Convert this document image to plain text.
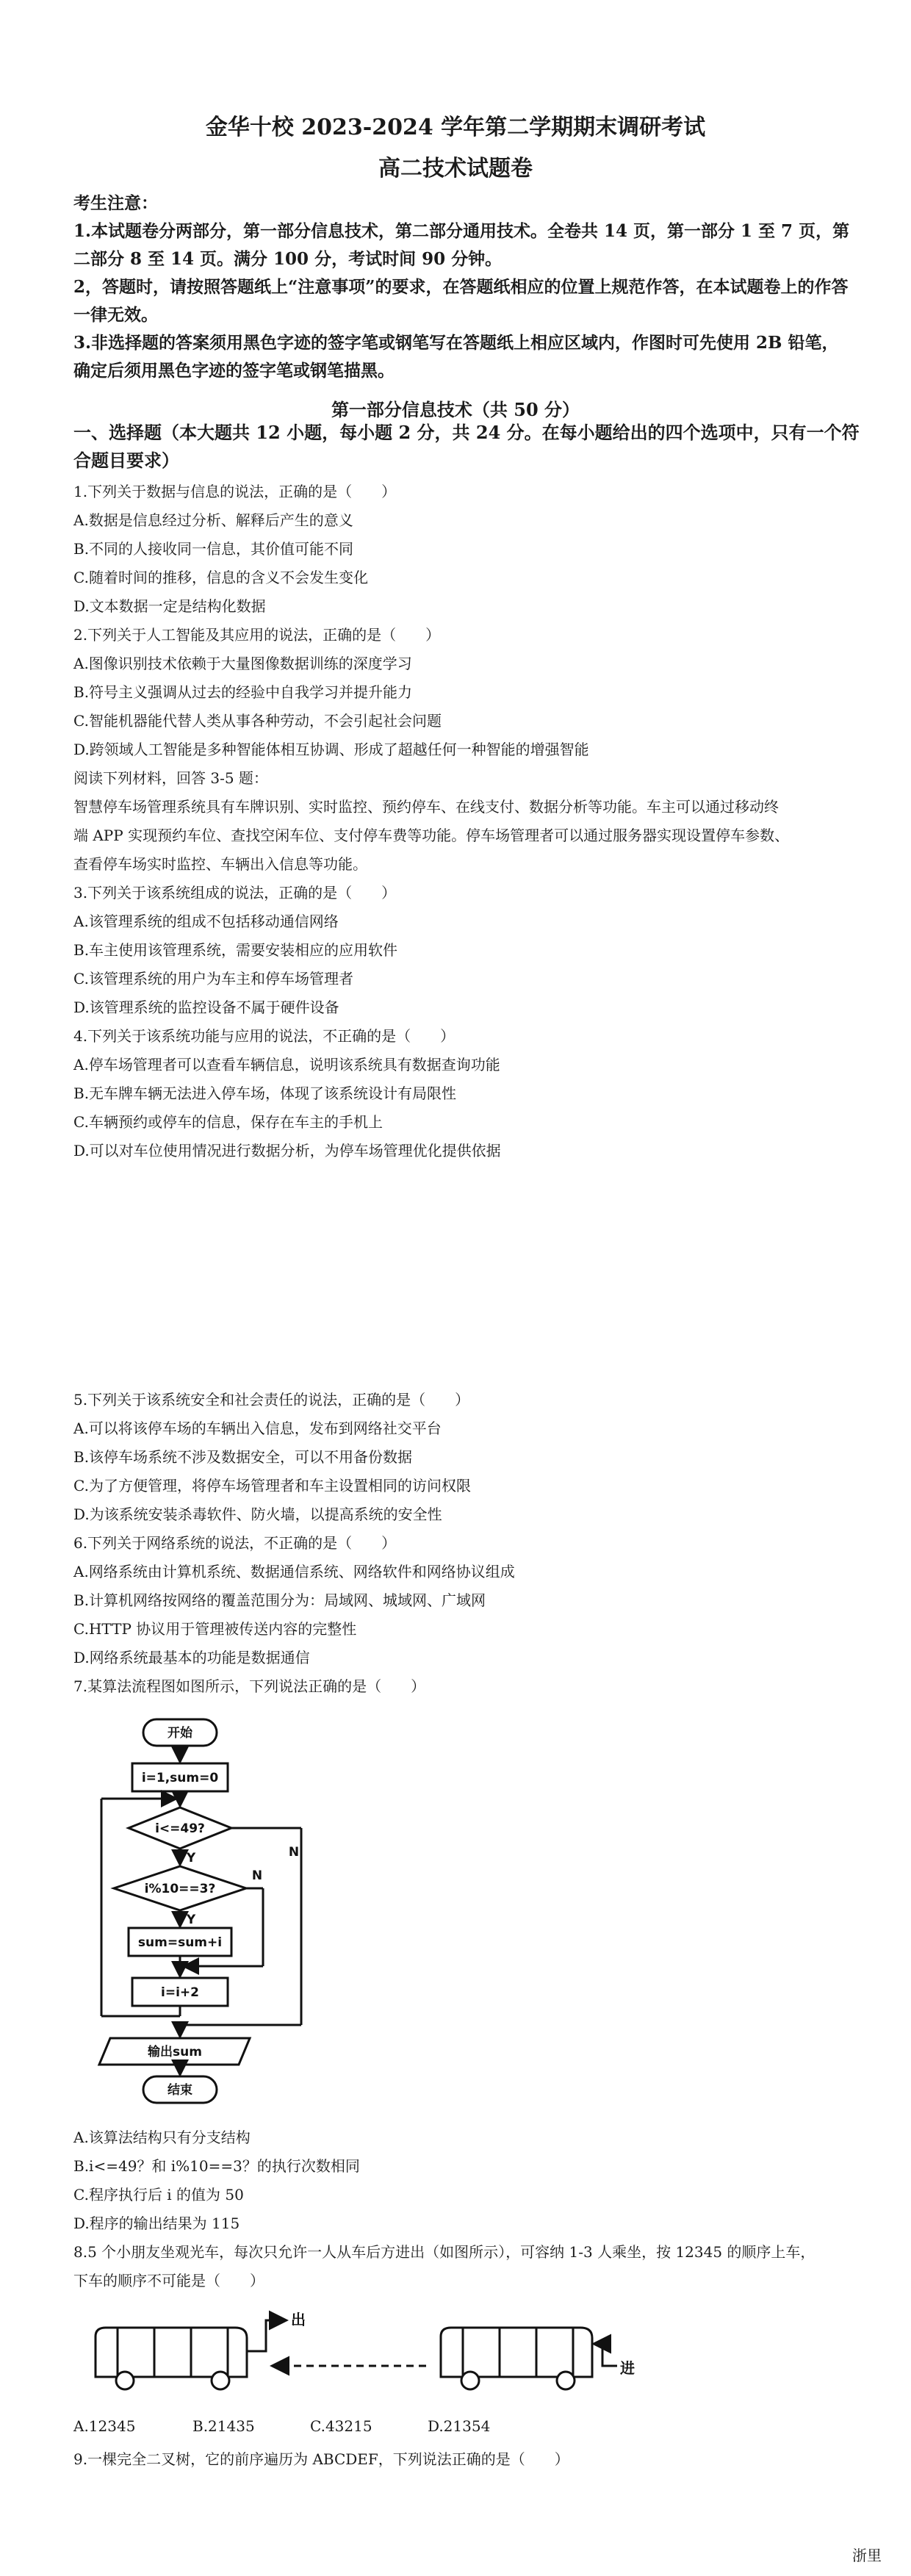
金华十校 2023-2024 学年第二学期期末调研考试
高二技术试题卷
考生注意：
1.本试题卷分两部分，第一部分信息技术，第二部分通用技术。全卷共 14 页，第一部分 1 至 7 页，第二部分 8 至 14 页。满分 100 分，考试时间 90 分钟。
2，答题时，请按照答题纸上“注意事项”的要求，在答题纸相应的位置上规范作答，在本试题卷上的作答一律无效。
3.非选择题的答案须用黑色字迹的签字笔或钢笔写在答题纸上相应区域内，作图时可先使用 2B 铅笔，确定后须用黑色字迹的签字笔或钢笔描黑。
第一部分信息技术（共 50 分）
一、选择题（本大题共 12 小题，每小题 2 分，共 24 分。在每小题给出的四个选项中，只有一个符合题目要求）
1.下列关于数据与信息的说法，正确的是（　　）
A.数据是信息经过分析、解释后产生的意义
B.不同的人接收同一信息，其价值可能不同
C.随着时间的推移，信息的含义不会发生变化
D.文本数据一定是结构化数据
2.下列关于人工智能及其应用的说法，正确的是（　　）
A.图像识别技术依赖于大量图像数据训练的深度学习
B.符号主义强调从过去的经验中自我学习并提升能力
C.智能机器能代替人类从事各种劳动，不会引起社会问题
D.跨领域人工智能是多种智能体相互协调、形成了超越任何一种智能的增强智能
阅读下列材料，回答 3-5 题：
智慧停车场管理系统具有车牌识别、实时监控、预约停车、在线支付、数据分析等功能。车主可以通过移动终
端 APP 实现预约车位、查找空闲车位、支付停车费等功能。停车场管理者可以通过服务器实现设置停车参数、
查看停车场实时监控、车辆出入信息等功能。
3.下列关于该系统组成的说法，正确的是（　　）
A.该管理系统的组成不包括移动通信网络
B.车主使用该管理系统，需要安装相应的应用软件
C.该管理系统的用户为车主和停车场管理者
D.该管理系统的监控设备不属于硬件设备
4.下列关于该系统功能与应用的说法，不正确的是（　　）
A.停车场管理者可以查看车辆信息，说明该系统具有数据查询功能
B.无车牌车辆无法进入停车场，体现了该系统设计有局限性
C.车辆预约或停车的信息，保存在车主的手机上
D.可以对车位使用情况进行数据分析，为停车场管理优化提供依据
5.下列关于该系统安全和社会责任的说法，正确的是（　　）
A.可以将该停车场的车辆出入信息，发布到网络社交平台
B.该停车场系统不涉及数据安全，可以不用备份数据
C.为了方便管理，将停车场管理者和车主设置相同的访问权限
D.为该系统安装杀毒软件、防火墙，以提高系统的安全性
6.下列关于网络系统的说法，不正确的是（　　）
A.网络系统由计算机系统、数据通信系统、网络软件和网络协议组成
B.计算机网络按网络的覆盖范围分为：局域网、城域网、广域网
C.HTTP 协议用于管理被传送内容的完整性
D.网络系统最基本的功能是数据通信
7.某算法流程图如图所示，下列说法正确的是（　　）
开始
i=1,sum=0
i<=49?
i%10==3?
sum=sum+i
i=i+2
输出sum
结束
Y
Y
N
N
A.该算法结构只有分支结构
B.i<=49？和 i%10==3？的执行次数相同
C.程序执行后 i 的值为 50
D.程序的输出结果为 115
8.5 个小朋友坐观光车，每次只允许一人从车后方进出（如图所示），可容纳 1-3 人乘坐，按 12345 的顺序上车，
下车的顺序不可能是（　　）
出
进
A.12345	B.21435	C.43215	D.21354
9.一棵完全二叉树，它的前序遍历为 ABCDEF，下列说法正确的是（　　）
浙里
